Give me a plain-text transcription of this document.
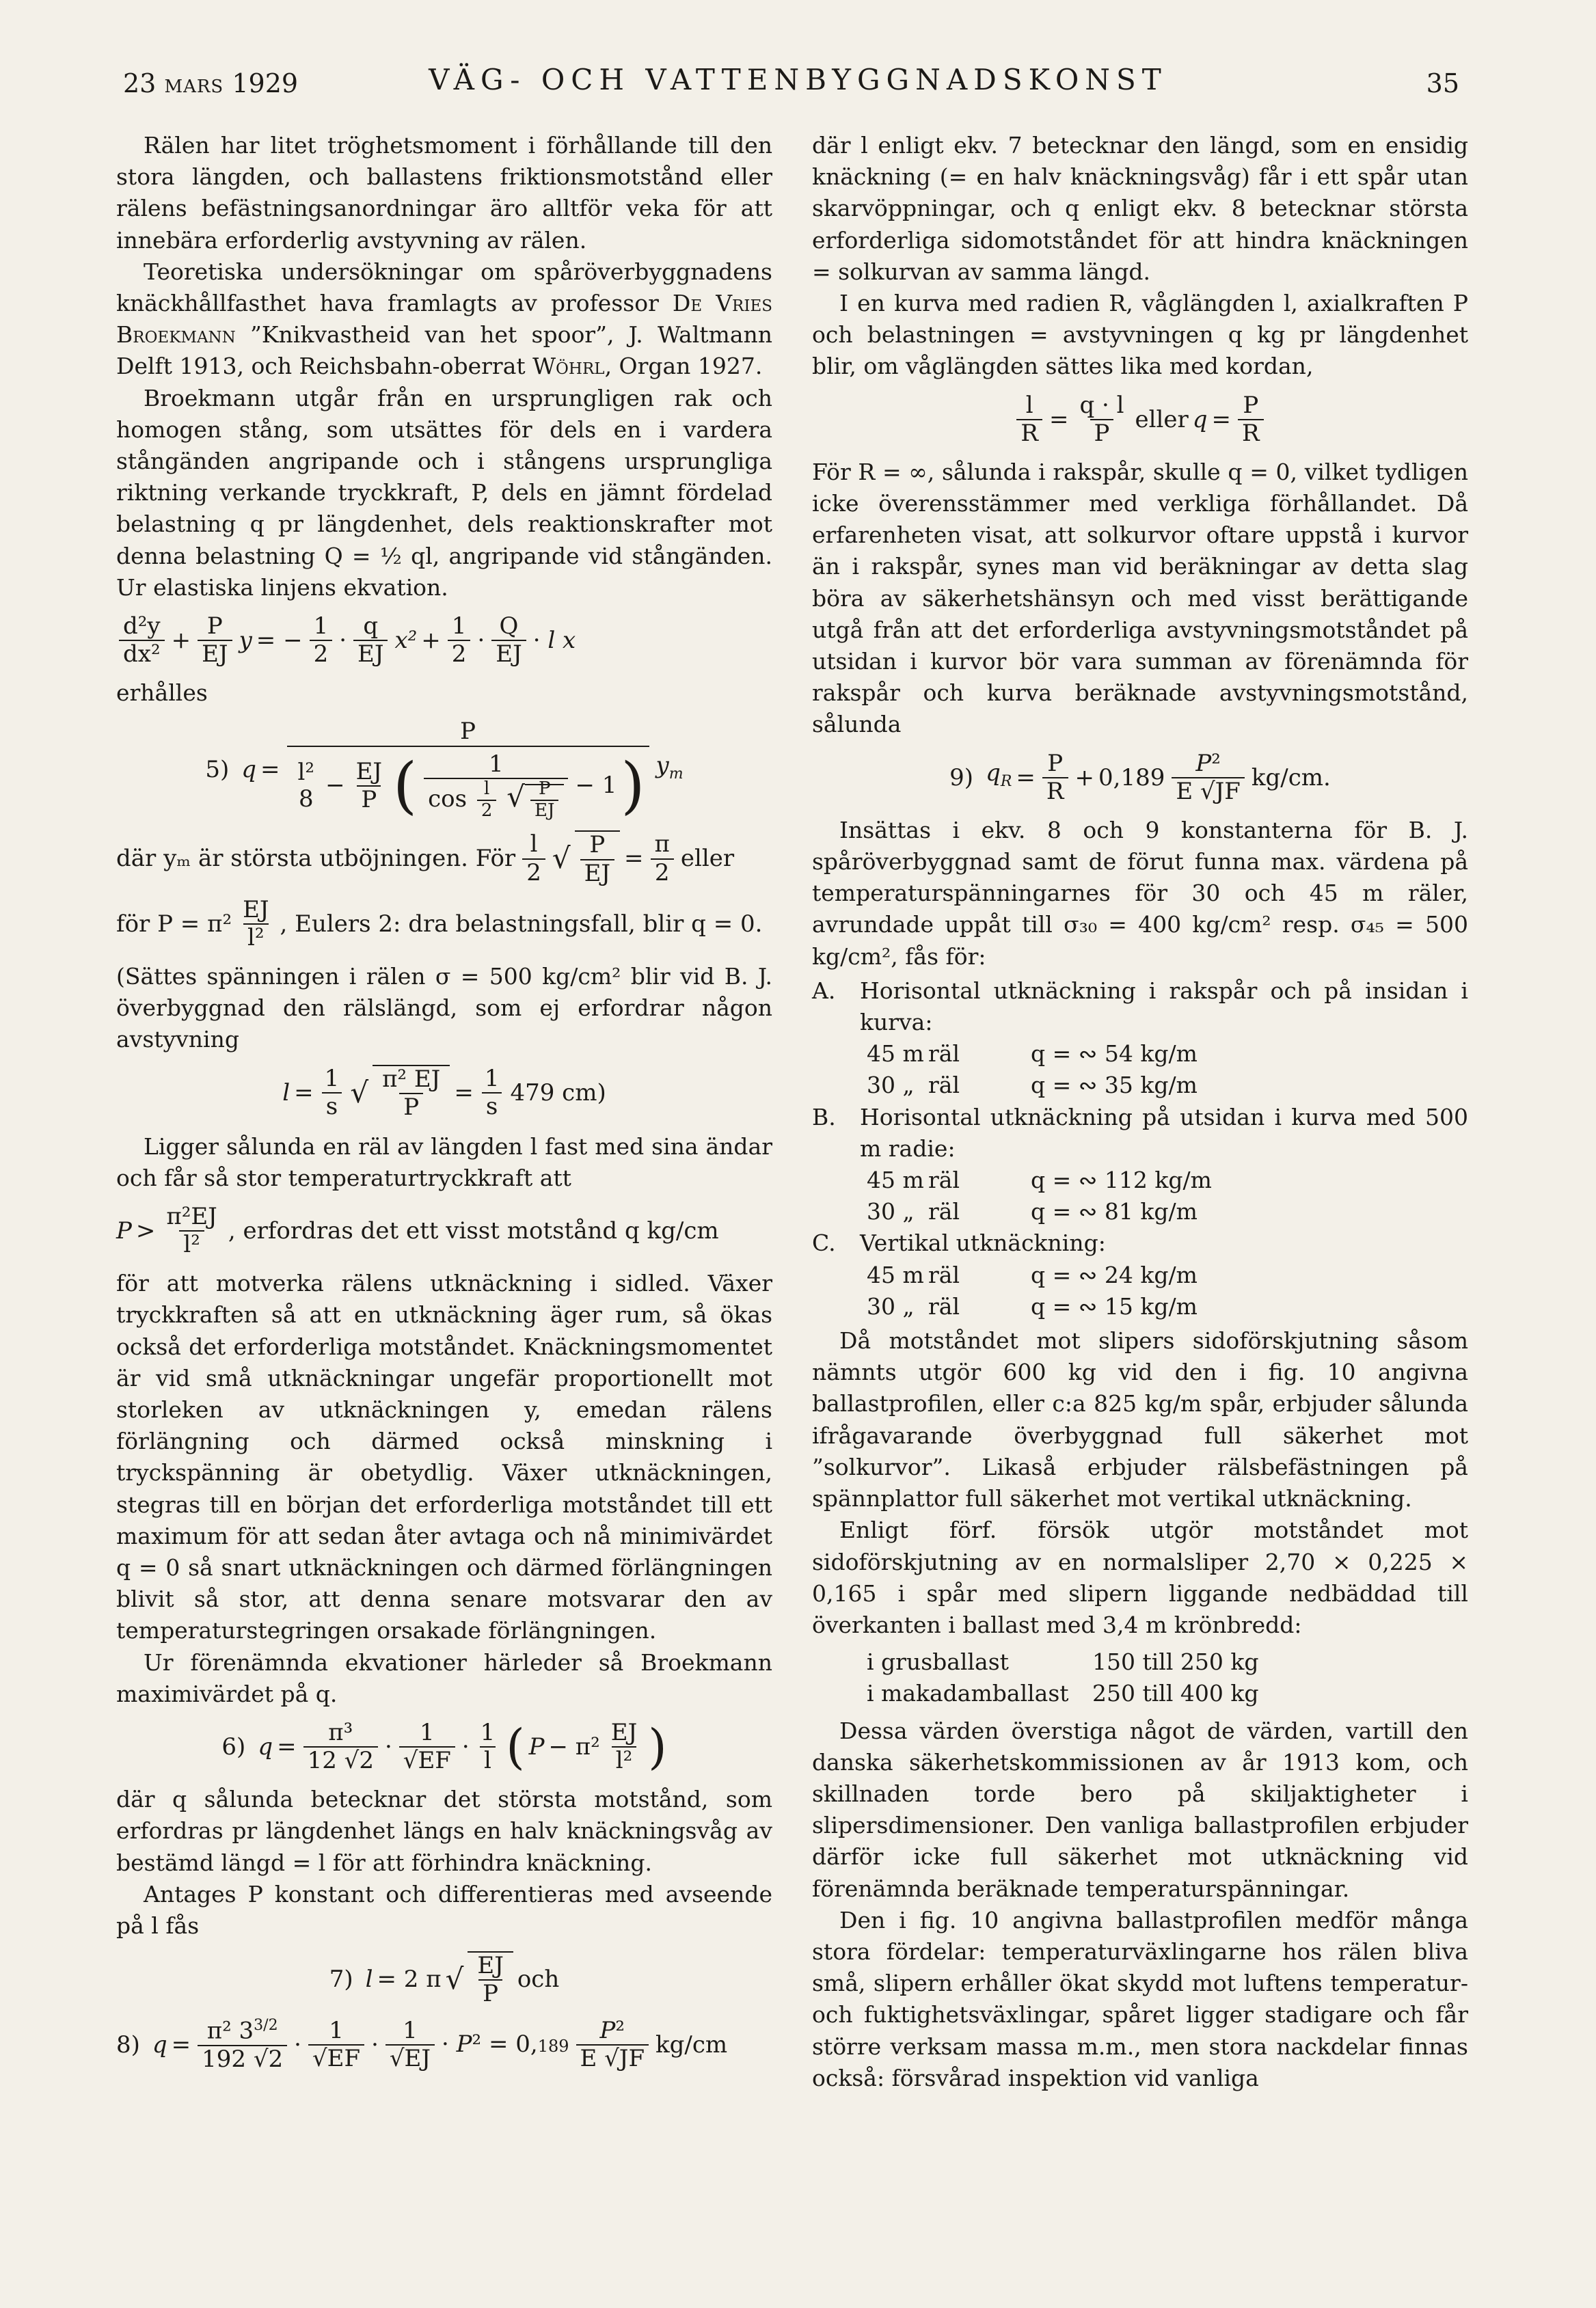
23 MARS 1929	VÄG- OCH VATTENBYGGNADSKONST	35

Rälen har litet tröghetsmoment i förhållande till den stora längden, och ballastens friktionsmotstånd eller rälens befästningsanordningar äro alltför veka för att innebära erforderlig avstyvning av rälen.

Teoretiska undersökningar om spåröverbyggnadens knäckhållfasthet hava framlagts av professor De Vries Broekmann ”Knikvastheid van het spoor”, J. Waltmann Delft 1913, och Reichsbahn-oberrat Wöhrl, Organ 1927.

Broekmann utgår från en ursprungligen rak och homogen stång, som utsättes för dels en i vardera stångänden angripande och i stångens ursprungliga riktning verkande tryckkraft, P, dels en jämnt fördelad belastning q pr längdenhet, dels reaktionskrafter mot denna belastning Q = ½ ql, angripande vid stångänden. Ur elastiska linjens ekvation.

$\frac{\text{d²y}}{\text{dx²}} + \frac{P}{EJ}$ y = − $\frac{1}{2} \cdot \frac{q}{EJ} x^2 + \frac{1}{2} \cdot \frac{Q}{EJ} \cdot l$ x

erhålles

5) q =
P
l²
$8 - \frac{EJ}{P}$ ( $\frac{1}{\cos \frac{l}{2} √ \frac{P}{EJ}} - 1$ ) $y_m$
där yₘ är största utböjningen. För $\frac{l}{2}$ √ $\frac{P}{EJ} = \frac{\pi}{2}$ eller
för $P = \pi^2 \frac{EJ}{\text{l²}}$ , Eulers 2: dra belastningsfall, blir q = 0.

(Sättes spänningen i rälen σ = 500 kg/cm² blir vid B. J. överbyggnad den rälslängd, som ej erfordrar någon avstyvning

$l = \frac{1}{s}$ √ $\frac{\text{π² EJ}}{P} = \frac{1}{s} 479$ cm)

Ligger sålunda en räl av längden l fast med sina ändar och får så stor temperaturtryckkraft att

$P > \frac{\text{π²EJ}}{\text{l²}}$ , erfordras det ett visst motstånd q kg/cm

för att motverka rälens utknäckning i sidled. Växer tryckkraften så att en utknäckning äger rum, så ökas också det erforderliga motståndet. Knäckningsmomentet är vid små utknäckningar ungefär proportionellt mot storleken av utknäckningen y, emedan rälens förlängning och därmed också minskning i tryckspänning är obetydlig. Växer utknäckningen, stegras till en början det erforderliga motståndet till ett maximum för att sedan åter avtaga och nå minimivärdet q = 0 så snart utknäckningen och därmed förlängningen blivit så stor, att denna senare motsvarar den av temperaturstegringen orsakade förlängningen.

Ur förenämnda ekvationer härleder så Broekmann maximivärdet på q.

6) $q = \frac{\text{π³}}{12 √2} \cdot \frac{1}{√EF} \cdot \frac{1}{l}$ ( $P - \pi^2 \frac{EJ}{\text{l²}}$ )

där q sålunda betecknar det största motstånd, som erfordras pr längdenhet längs en halv knäckningsvåg av bestämd längd = l för att förhindra knäckning.

Antages P konstant och differentieras med avseende på l fås

7) l = 2 π √ $\frac{EJ}{P}$ och
8) $q = \frac{\pi^2 3^{3/2}}{192 √2} \cdot \frac{1}{√EF} \cdot \frac{1}{√EJ} \cdot P^2 = 0,189 \frac{\text{P²}}{E √JF} kg/cm$

där l enligt ekv. 7 betecknar den längd, som en ensidig knäckning (= en halv knäckningsvåg) får i ett spår utan skarvöppningar, och q enligt ekv. 8 betecknar största erforderliga sidomotståndet för att hindra knäckningen = solkurvan av samma längd.

I en kurva med radien R, våglängden l, axialkraften P och belastningen = avstyvningen q kg pr längdenhet blir, om våglängden sättes lika med kordan,

$\frac{l}{R} = \frac{q \cdot l}{P}$ eller $q = \frac{P}{R}$

För R = ∞, sålunda i rakspår, skulle q = 0, vilket tydligen icke överensstämmer med verkliga förhållandet. Då erfarenheten visat, att solkurvor oftare uppstå i kurvor än i rakspår, synes man vid beräkningar av detta slag böra av säkerhetshänsyn och med visst berättigande utgå från att det erforderliga avstyvningsmotståndet på utsidan i kurvor bör vara summan av förenämnda för rakspår och kurva beräknade avstyvningsmotstånd, sålunda

9) $q_R = \frac{P}{R} + 0,189 \frac{\text{P²}}{E √JF} kg/cm$.

Insättas i ekv. 8 och 9 konstanterna för B. J. spåröverbyggnad samt de förut funna max. värdena på temperaturspänningarnes för 30 och 45 m räler, avrundade uppåt till σ₃₀ = 400 kg/cm² resp. σ₄₅ = 500 kg/cm², fås för:

A.	Horisontal utknäckning i rakspår och på insidan i kurva:
45 m räl	q = ∾ 54 kg/m
30 „ räl	q = ∾ 35 kg/m
B.	Horisontal utknäckning på utsidan i kurva med 500 m radie:
45 m räl	q = ∾ 112 kg/m
30 „ räl	q = ∾ 81 kg/m
C.	Vertikal utknäckning:
45 m räl	q = ∾ 24 kg/m
30 „ räl	q = ∾ 15 kg/m

Då motståndet mot slipers sidoförskjutning såsom nämnts utgör 600 kg vid den i fig. 10 angivna ballastprofilen, eller c:a 825 kg/m spår, erbjuder sålunda ifrågavarande överbyggnad full säkerhet mot ”solkurvor”. Likaså erbjuder rälsbefästningen på spännplattor full säkerhet mot vertikal utknäckning.

Enligt förf. försök utgör motståndet mot sidoförskjutning av en normalsliper 2,70 × 0,225 × 0,165 i spår med slipern liggande nedbäddad till överkanten i ballast med 3,4 m krönbredd:

i grusballast	150 till 250 kg
i makadamballast	250 till 400 kg

Dessa värden överstiga något de värden, vartill den danska säkerhetskommissionen av år 1913 kom, och skillnaden torde bero på skiljaktigheter i slipersdimensioner. Den vanliga ballastprofilen erbjuder därför icke full säkerhet mot utknäckning vid förenämnda beräknade temperaturspänningar.

Den i fig. 10 angivna ballastprofilen medför många stora fördelar: temperaturväxlingarne hos rälen bliva små, slipern erhåller ökat skydd mot luftens temperatur- och fuktighetsväxlingar, spåret ligger stadigare och får större verksam massa m.m., men stora nackdelar finnas också: försvårad inspektion vid vanliga
